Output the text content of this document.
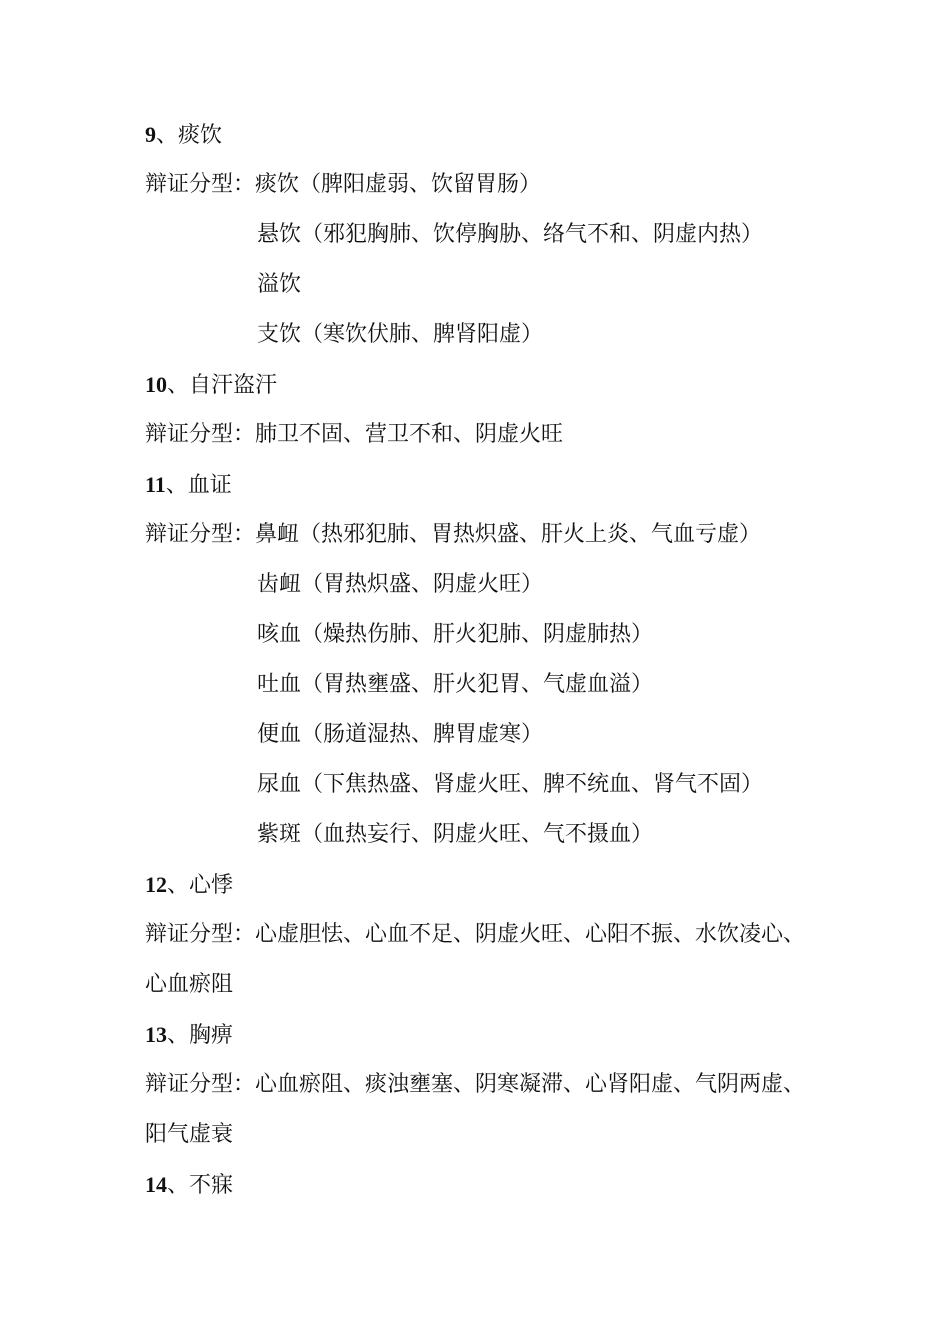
9、痰饮
辩证分型：痰饮（脾阳虚弱、饮留胃肠）
悬饮（邪犯胸肺、饮停胸胁、络气不和、阴虚内热）
溢饮
支饮（寒饮伏肺、脾肾阳虚）
10、自汗盗汗
辩证分型：肺卫不固、营卫不和、阴虚火旺
11、血证
辩证分型：鼻衄（热邪犯肺、胃热炽盛、肝火上炎、气血亏虚）
齿衄（胃热炽盛、阴虚火旺）
咳血（燥热伤肺、肝火犯肺、阴虚肺热）
吐血（胃热壅盛、肝火犯胃、气虚血溢）
便血（肠道湿热、脾胃虚寒）
尿血（下焦热盛、肾虚火旺、脾不统血、肾气不固）
紫斑（血热妄行、阴虚火旺、气不摄血）
12、心悸
辩证分型：心虚胆怯、心血不足、阴虚火旺、心阳不振、水饮凌心、
心血瘀阻
13、胸痹
辩证分型：心血瘀阻、痰浊壅塞、阴寒凝滞、心肾阳虚、气阴两虚、
阳气虚衰
14、不寐
